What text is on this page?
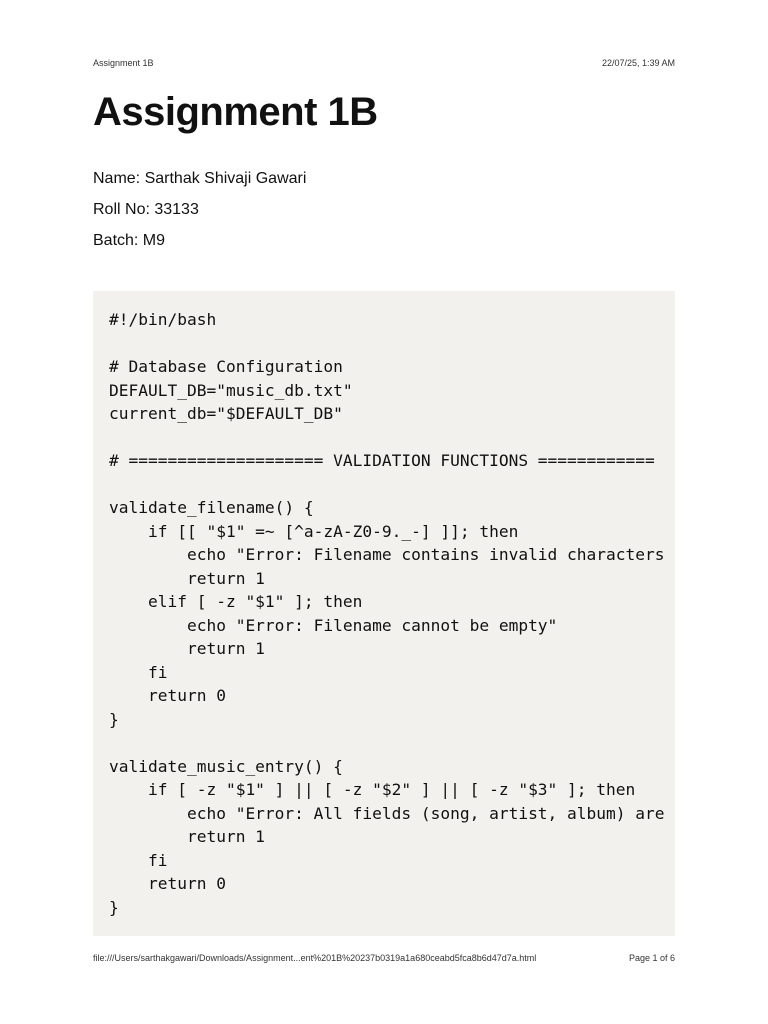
Assignment 1B	22/07/25, 1:39 AM
Assignment 1B
Name: Sarthak Shivaji Gawari
Roll No: 33133
Batch: M9
#!/bin/bash

# Database Configuration
DEFAULT_DB="music_db.txt"
current_db="$DEFAULT_DB"

# ==================== VALIDATION FUNCTIONS ============

validate_filename() {
if [[ "$1" =~ [^a-zA-Z0-9._-] ]]; then
echo "Error: Filename contains invalid characters
return 1
elif [ -z "$1" ]; then
echo "Error: Filename cannot be empty"
return 1
fi
return 0
}

validate_music_entry() {
if [ -z "$1" ] || [ -z "$2" ] || [ -z "$3" ]; then
echo "Error: All fields (song, artist, album) are
return 1
fi
return 0
}

file:///Users/sarthakgawari/Downloads/Assignment...ent%201B%20237b0319a1a680ceabd5fca8b6d47d7a.html	Page 1 of 6
